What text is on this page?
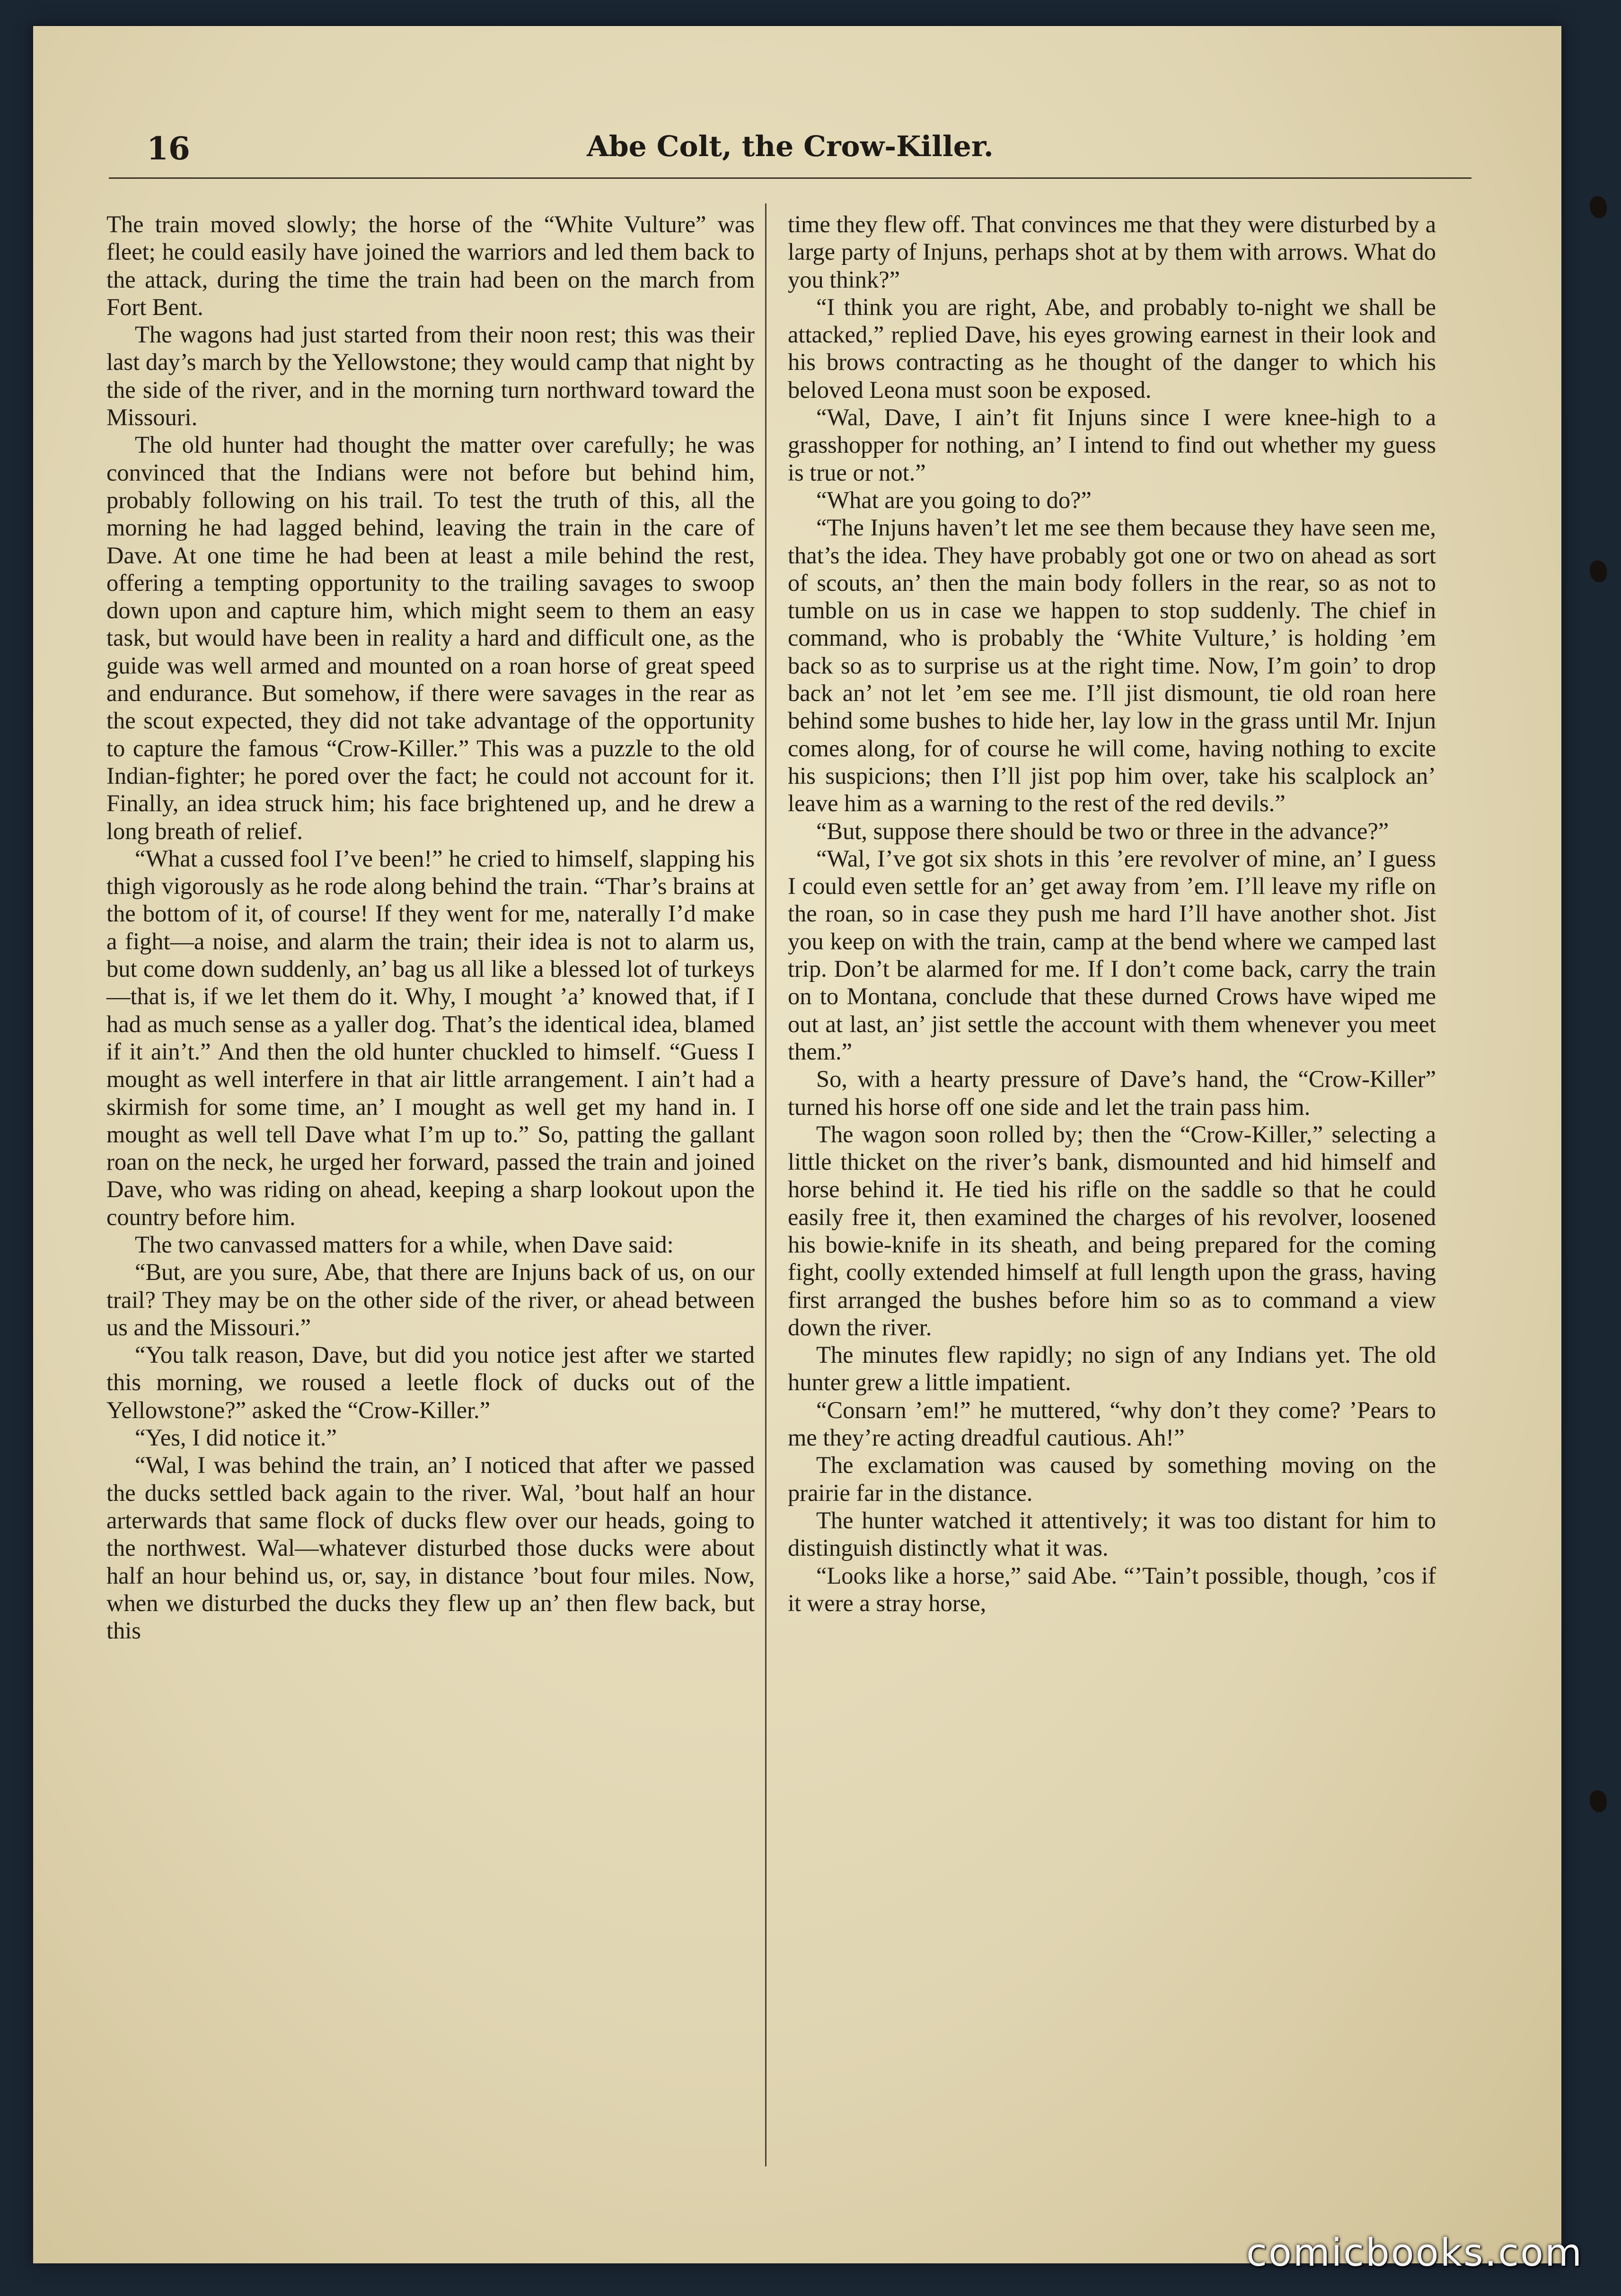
16	Abe Colt, the Crow-Killer.

The train moved slowly; the horse of the “White Vulture” was fleet; he could easily have joined the warriors and led them back to the attack, during the time the train had been on the march from Fort Bent.

The wagons had just started from their noon rest; this was their last day’s march by the Yellowstone; they would camp that night by the side of the river, and in the morning turn northward toward the Missouri.

The old hunter had thought the matter over carefully; he was convinced that the Indians were not before but behind him, probably following on his trail. To test the truth of this, all the morning he had lagged behind, leaving the train in the care of Dave. At one time he had been at least a mile behind the rest, offering a tempting opportunity to the trailing savages to swoop down upon and capture him, which might seem to them an easy task, but would have been in reality a hard and difficult one, as the guide was well armed and mounted on a roan horse of great speed and endurance. But somehow, if there were savages in the rear as the scout expected, they did not take advantage of the opportunity to capture the famous “Crow-Killer.” This was a puzzle to the old Indian-fighter; he pored over the fact; he could not account for it. Finally, an idea struck him; his face brightened up, and he drew a long breath of relief.

“What a cussed fool I’ve been!” he cried to himself, slapping his thigh vigorously as he rode along behind the train. “Thar’s brains at the bottom of it, of course! If they went for me, naterally I’d make a fight—a noise, and alarm the train; their idea is not to alarm us, but come down suddenly, an’ bag us all like a blessed lot of turkeys—that is, if we let them do it. Why, I mought ’a’ knowed that, if I had as much sense as a yaller dog. That’s the identical idea, blamed if it ain’t.” And then the old hunter chuckled to himself. “Guess I mought as well interfere in that air little arrangement. I ain’t had a skirmish for some time, an’ I mought as well get my hand in. I mought as well tell Dave what I’m up to.” So, patting the gallant roan on the neck, he urged her forward, passed the train and joined Dave, who was riding on ahead, keeping a sharp lookout upon the country before him.

The two canvassed matters for a while, when Dave said:

“But, are you sure, Abe, that there are Injuns back of us, on our trail? They may be on the other side of the river, or ahead between us and the Missouri.”

“You talk reason, Dave, but did you notice jest after we started this morning, we roused a leetle flock of ducks out of the Yellowstone?” asked the “Crow-Killer.”

“Yes, I did notice it.”

“Wal, I was behind the train, an’ I noticed that after we passed the ducks settled back again to the river. Wal, ’bout half an hour arterwards that same flock of ducks flew over our heads, going to the northwest. Wal—whatever disturbed those ducks were about half an hour behind us, or, say, in distance ’bout four miles. Now, when we disturbed the ducks they flew up an’ then flew back, but this

time they flew off. That convinces me that they were disturbed by a large party of Injuns, perhaps shot at by them with arrows. What do you think?”

“I think you are right, Abe, and probably to-night we shall be attacked,” replied Dave, his eyes growing earnest in their look and his brows contracting as he thought of the danger to which his beloved Leona must soon be exposed.

“Wal, Dave, I ain’t fit Injuns since I were knee-high to a grasshopper for nothing, an’ I intend to find out whether my guess is true or not.”

“What are you going to do?”

“The Injuns haven’t let me see them because they have seen me, that’s the idea. They have probably got one or two on ahead as sort of scouts, an’ then the main body follers in the rear, so as not to tumble on us in case we happen to stop suddenly. The chief in command, who is probably the ‘White Vulture,’ is holding ’em back so as to surprise us at the right time. Now, I’m goin’ to drop back an’ not let ’em see me. I’ll jist dismount, tie old roan here behind some bushes to hide her, lay low in the grass until Mr. Injun comes along, for of course he will come, having nothing to excite his suspicions; then I’ll jist pop him over, take his scalplock an’ leave him as a warning to the rest of the red devils.”

“But, suppose there should be two or three in the advance?”

“Wal, I’ve got six shots in this ’ere revolver of mine, an’ I guess I could even settle for an’ get away from ’em. I’ll leave my rifle on the roan, so in case they push me hard I’ll have another shot. Jist you keep on with the train, camp at the bend where we camped last trip. Don’t be alarmed for me. If I don’t come back, carry the train on to Montana, conclude that these durned Crows have wiped me out at last, an’ jist settle the account with them whenever you meet them.”

So, with a hearty pressure of Dave’s hand, the “Crow-Killer” turned his horse off one side and let the train pass him.

The wagon soon rolled by; then the “Crow-Killer,” selecting a little thicket on the river’s bank, dismounted and hid himself and horse behind it. He tied his rifle on the saddle so that he could easily free it, then examined the charges of his revolver, loosened his bowie-knife in its sheath, and being prepared for the coming fight, coolly extended himself at full length upon the grass, having first arranged the bushes before him so as to command a view down the river.

The minutes flew rapidly; no sign of any Indians yet. The old hunter grew a little impatient.

“Consarn ’em!” he muttered, “why don’t they come? ’Pears to me they’re acting dreadful cautious. Ah!”

The exclamation was caused by something moving on the prairie far in the distance.

The hunter watched it attentively; it was too distant for him to distinguish distinctly what it was.

“Looks like a horse,” said Abe. “’Tain’t possible, though, ’cos if it were a stray horse,

comicbooks.com
